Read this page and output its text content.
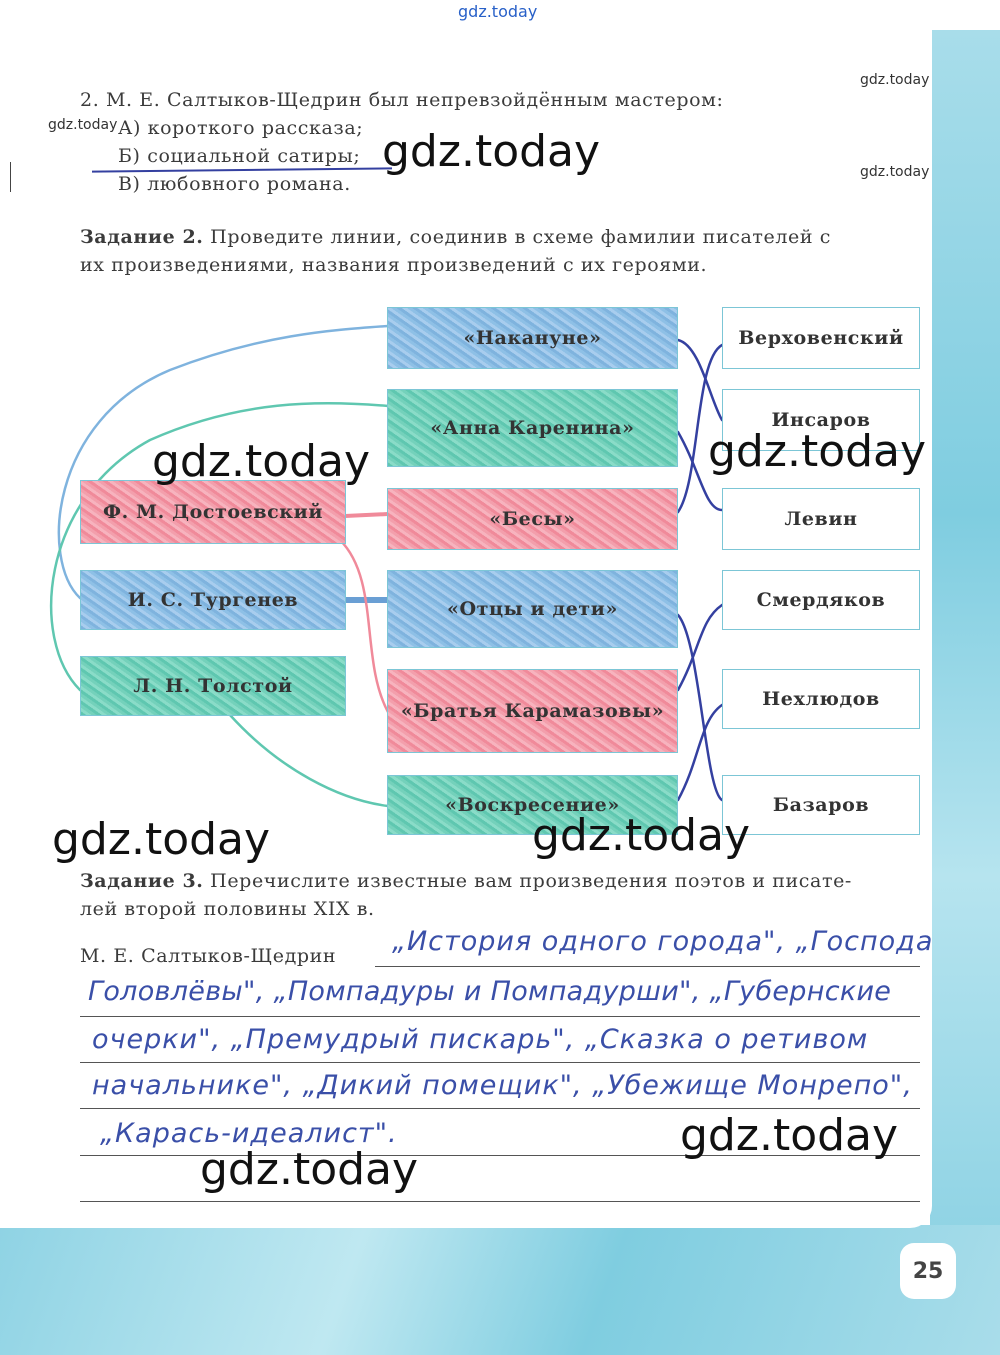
gdz.today
2. М. Е. Салтыков-Щедрин был непревзойдённым мастером:
gdz.today
gdz.today А) короткого рассказа;
Б) социальной сатиры;
В) любовного романа.
gdz.today
gdz.today
Задание 2. Проведите линии, соединив в схеме фамилии писателей с
их произведениями, названия произведений с их героями.
Ф. М. Достоевский
И. С. Тургенев
Л. Н. Толстой
«Накануне»
«Анна Каренина»
«Бесы»
«Отцы и дети»
«Братья Карамазовы»
«Воскресение»
Верховенский
Инсаров
Левин
Смердяков
Нехлюдов
Базаров
gdz.today	gdz.today
gdz.today	gdz.today
Задание 3. Перечислите известные вам произведения поэтов и писате-
лей второй половины XIX в.
М. Е. Салтыков-Щедрин „История одного города", „Господа
Головлёвы", „Помпадуры и Помпадурши", „Губернские
очерки", „Премудрый пискарь", „Сказка о ретивом
начальнике", „Дикий помещик", „Убежище Монрепо",
„Карась-идеалист".	gdz.today
gdz.today
25
